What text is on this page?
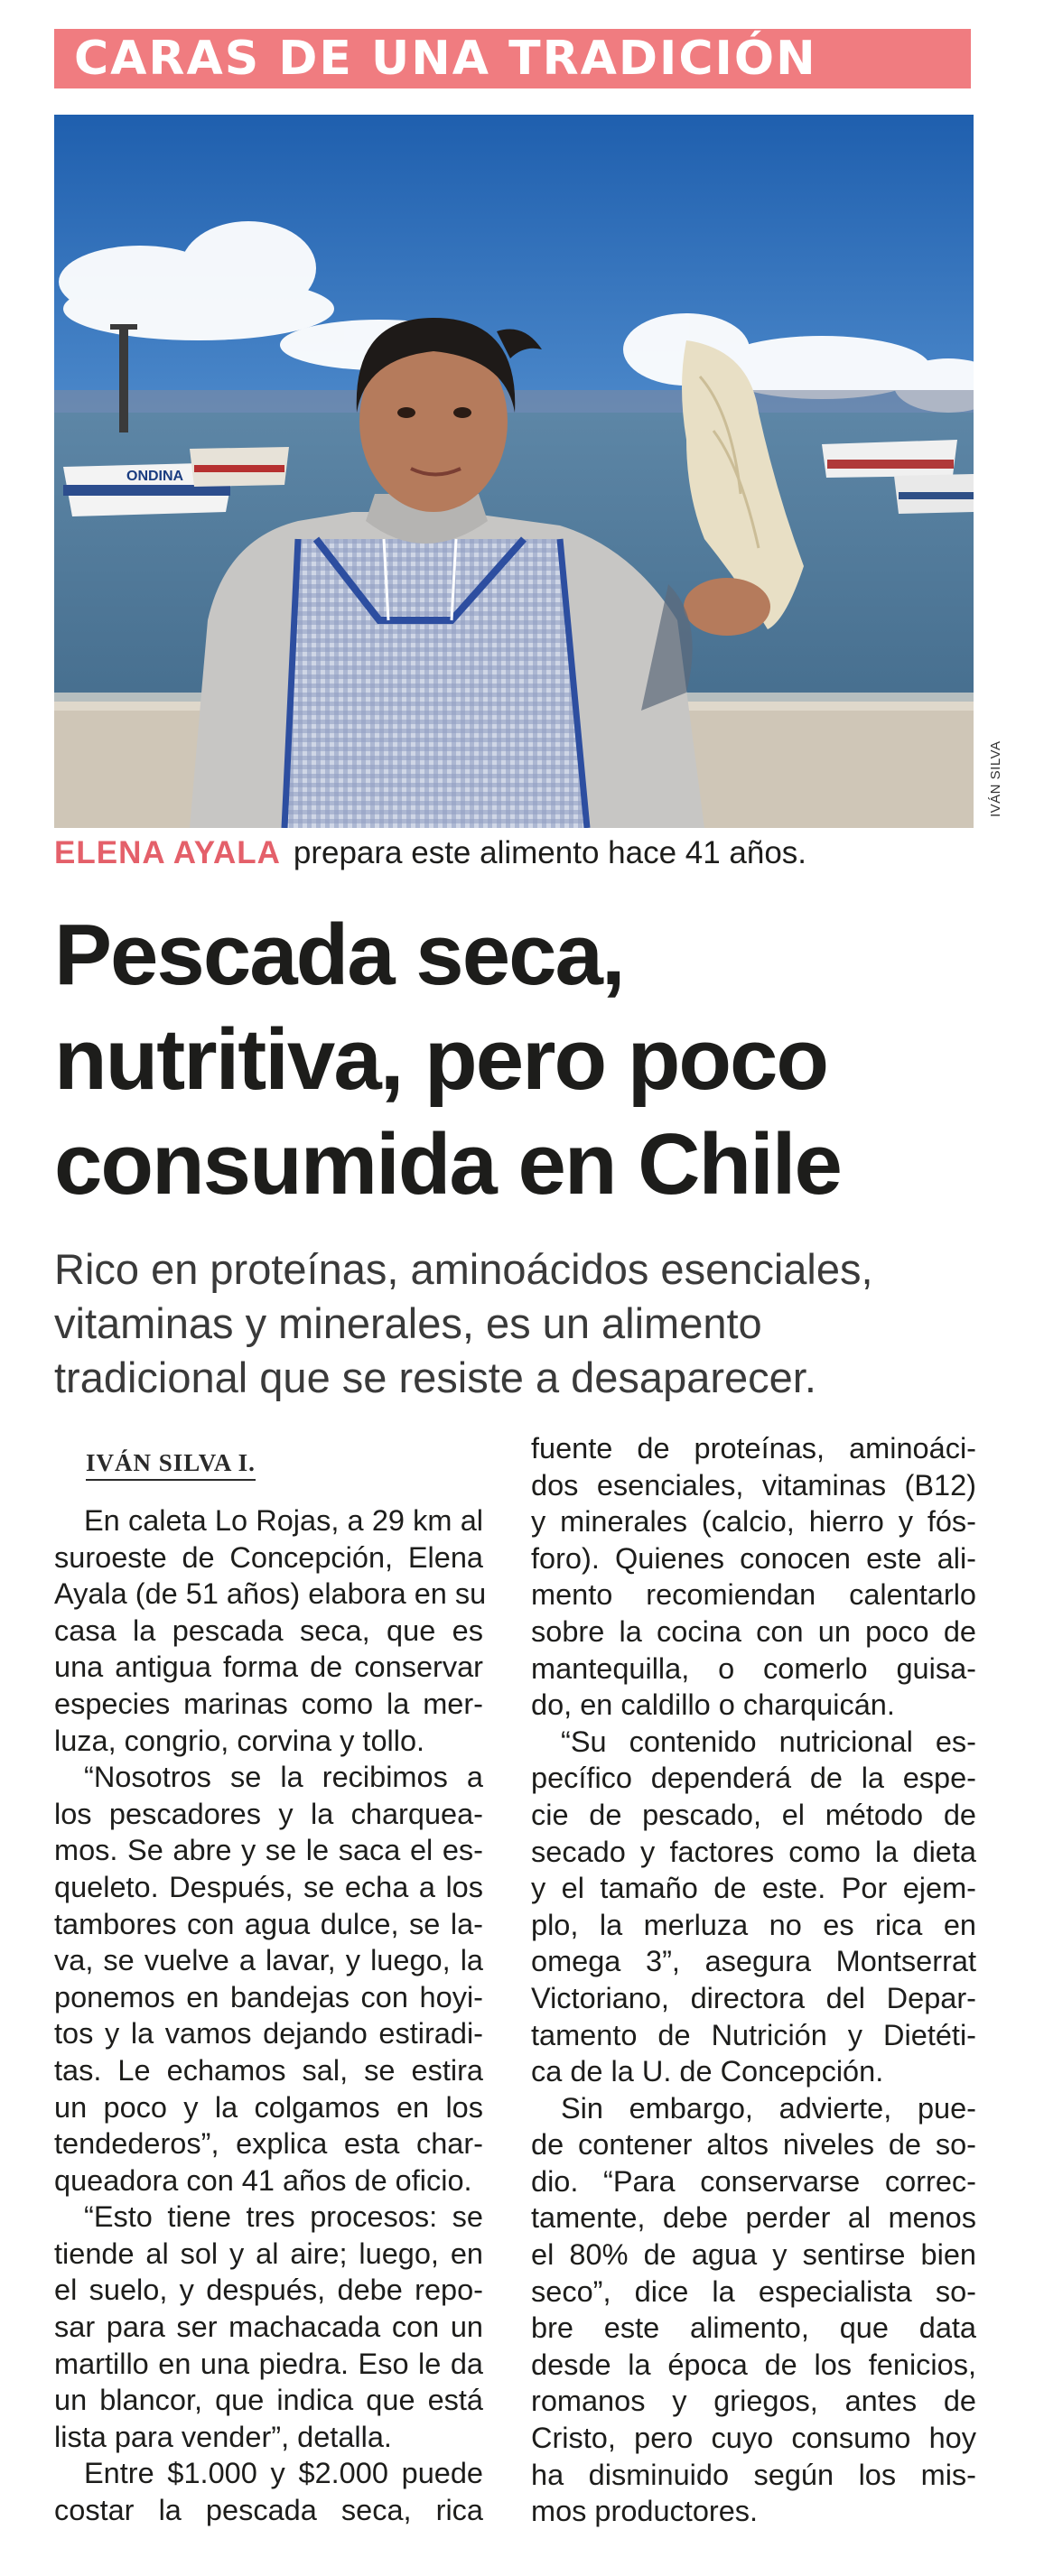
CARAS DE UNA TRADICIÓN
ONDINA
IVÁN SILVA
ELENA AYALA prepara este alimento hace 41 años.
Pescada seca,
nutritiva, pero poco
consumida en Chile

Rico en proteínas, aminoácidos esenciales,
vitaminas y minerales, es un alimento
tradicional que se resiste a desaparecer.

IVÁN SILVA I.
En caleta Lo Rojas, a 29 km al
suroeste de Concepción, Elena
Ayala (de 51 años) elabora en su
casa la pescada seca, que es
una antigua forma de conservar
especies marinas como la mer-
luza, congrio, corvina y tollo.
“Nosotros se la recibimos a
los pescadores y la charquea-
mos. Se abre y se le saca el es-
queleto. Después, se echa a los
tambores con agua dulce, se la-
va, se vuelve a lavar, y luego, la
ponemos en bandejas con hoyi-
tos y la vamos dejando estiradi-
tas. Le echamos sal, se estira
un poco y la colgamos en los
tendederos”, explica esta char-
queadora con 41 años de oficio.
“Esto tiene tres procesos: se
tiende al sol y al aire; luego, en
el suelo, y después, debe repo-
sar para ser machacada con un
martillo en una piedra. Eso le da
un blancor, que indica que está
lista para vender”, detalla.
Entre $1.000 y $2.000 puede
costar la pescada seca, rica
fuente de proteínas, aminoáci-
dos esenciales, vitaminas (B12)
y minerales (calcio, hierro y fós-
foro). Quienes conocen este ali-
mento recomiendan calentarlo
sobre la cocina con un poco de
mantequilla, o comerlo guisa-
do, en caldillo o charquicán.
“Su contenido nutricional es-
pecífico dependerá de la espe-
cie de pescado, el método de
secado y factores como la dieta
y el tamaño de este. Por ejem-
plo, la merluza no es rica en
omega 3”, asegura Montserrat
Victoriano, directora del Depar-
tamento de Nutrición y Dietéti-
ca de la U. de Concepción.
Sin embargo, advierte, pue-
de contener altos niveles de so-
dio. “Para conservarse correc-
tamente, debe perder al menos
el 80% de agua y sentirse bien
seco”, dice la especialista so-
bre este alimento, que data
desde la época de los fenicios,
romanos y griegos, antes de
Cristo, pero cuyo consumo hoy
ha disminuido según los mis-
mos productores.
